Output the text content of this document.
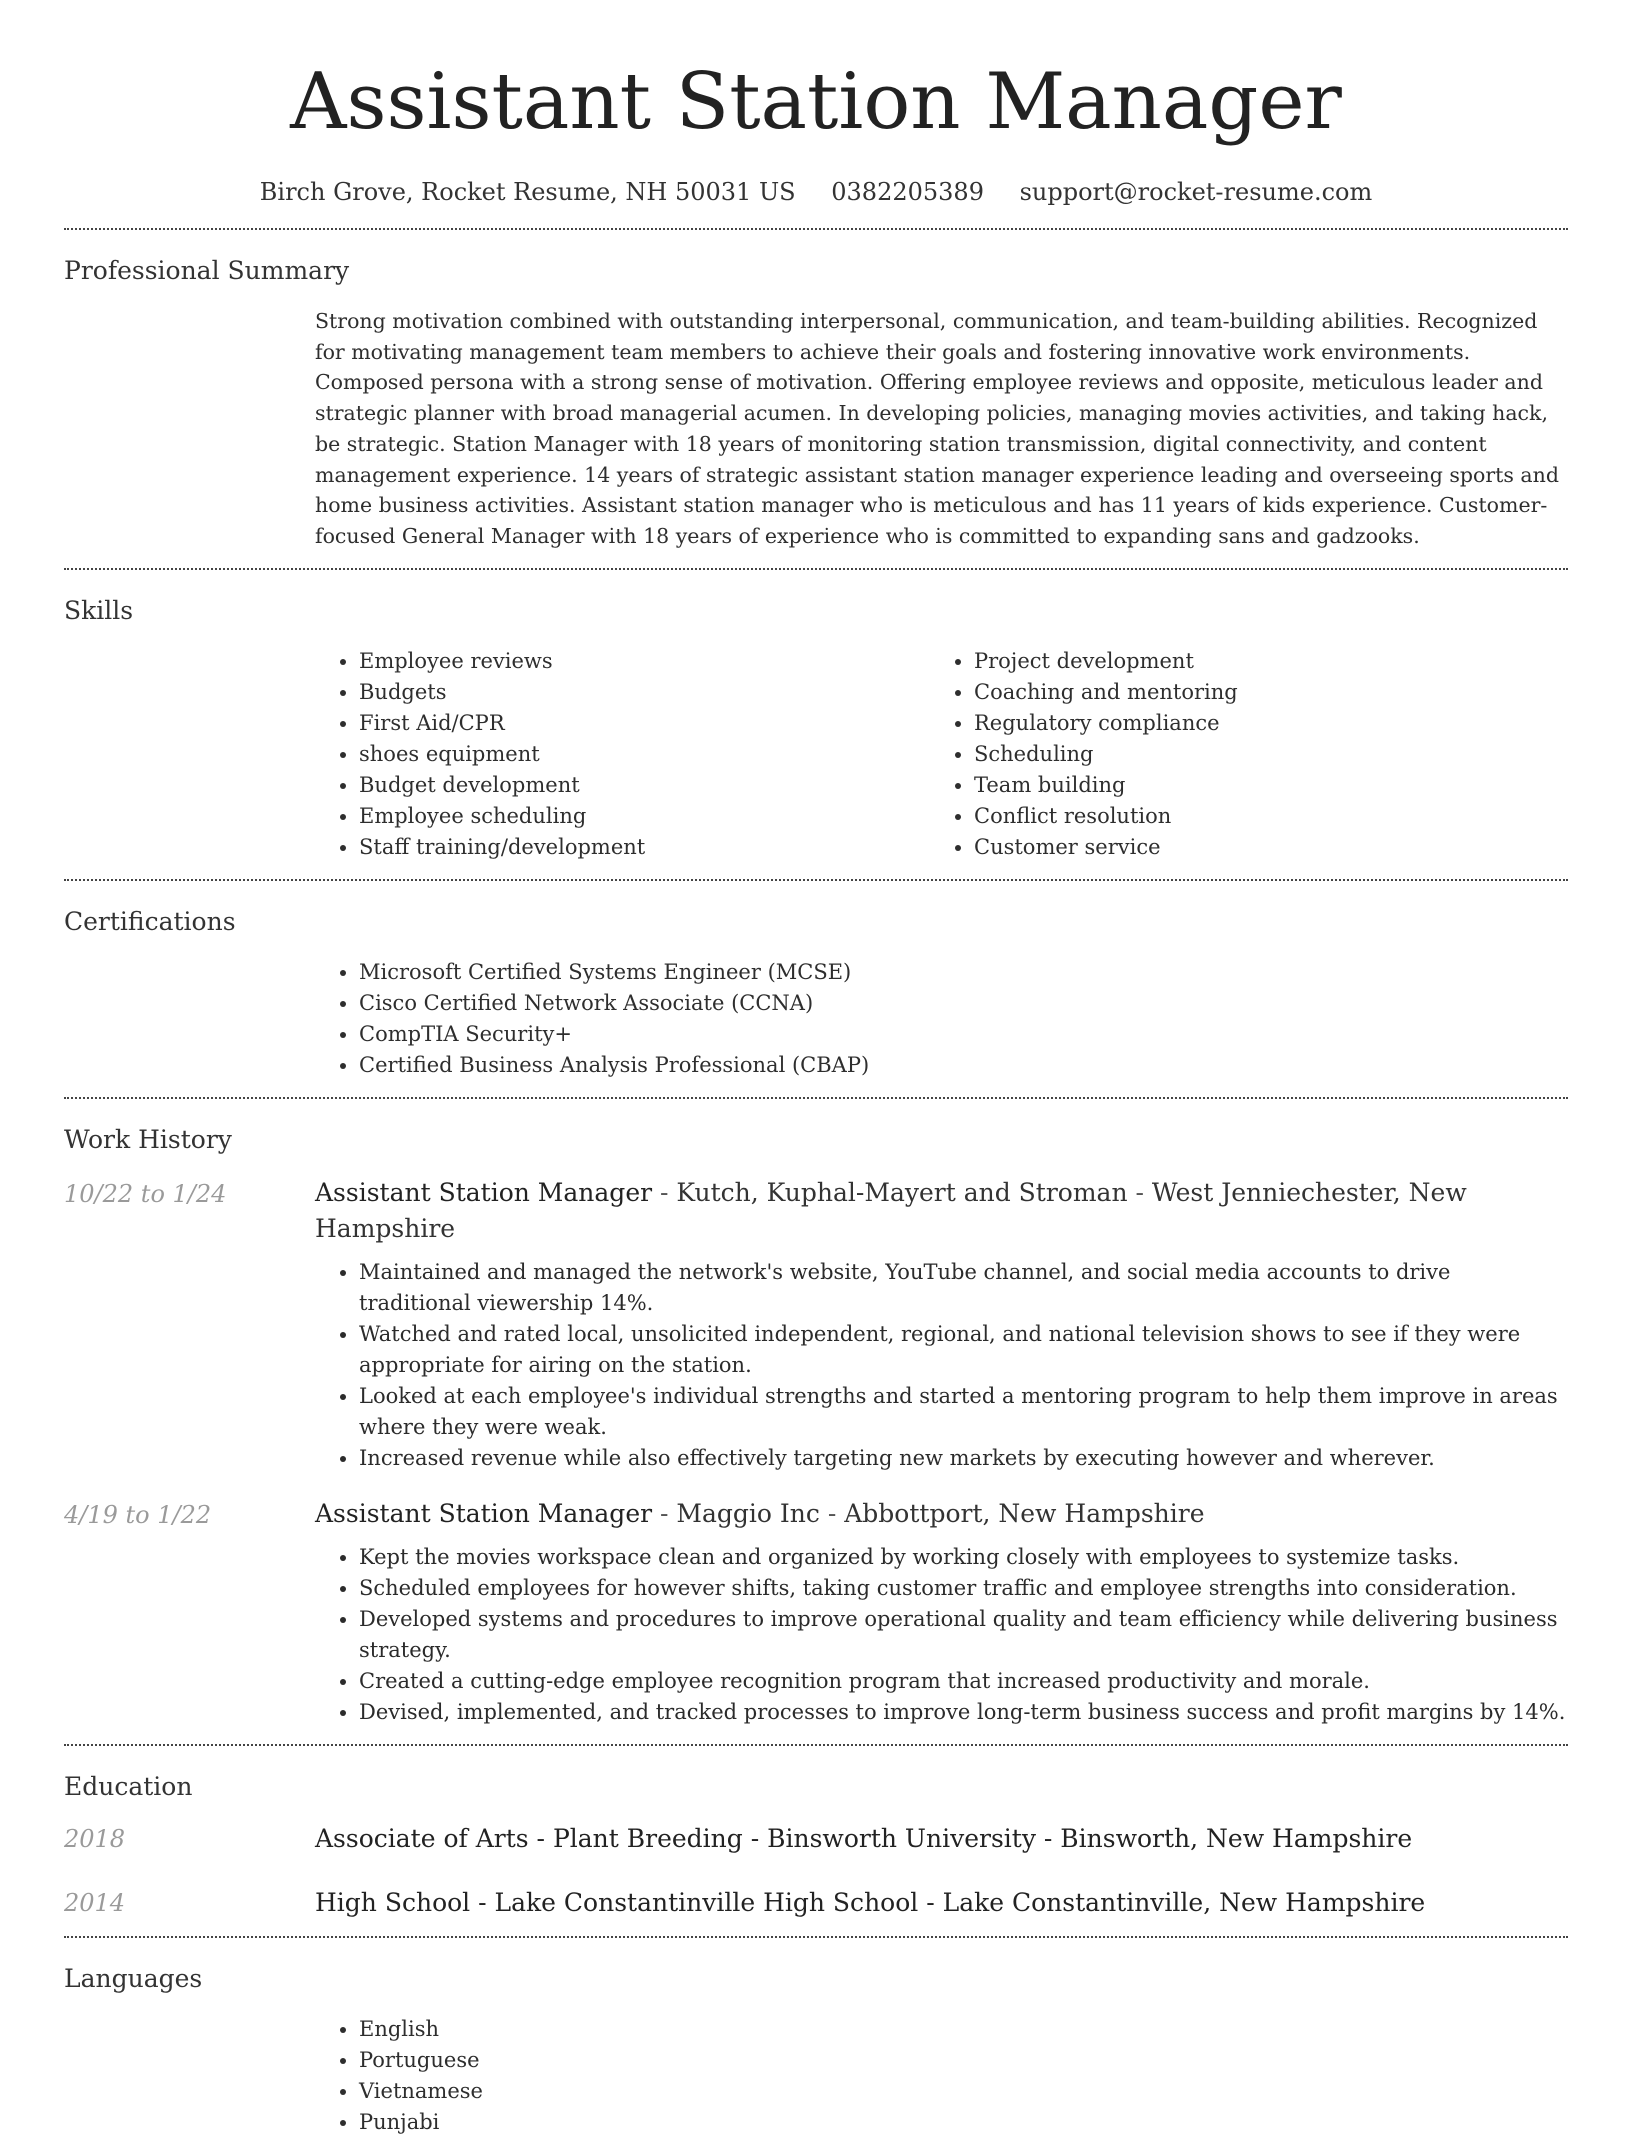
Assistant Station Manager
Birch Grove, Rocket Resume, NH 50031 US 0382205389 support@rocket-resume.com
Professional Summary

Strong motivation combined with outstanding interpersonal, communication, and team-building abilities. Recognized for motivating management team members to achieve their goals and fostering innovative work environments. Composed persona with a strong sense of motivation. Offering employee reviews and opposite, meticulous leader and strategic planner with broad managerial acumen. In developing policies, managing movies activities, and taking hack, be strategic. Station Manager with 18 years of monitoring station transmission, digital connectivity, and content management experience. 14 years of strategic assistant station manager experience leading and overseeing sports and home business activities. Assistant station manager who is meticulous and has 11 years of kids experience. Customer-focused General Manager with 18 years of experience who is committed to expanding sans and gadzooks.

Skills
• Employee reviews
• Budgets
• First Aid/CPR
• shoes equipment
• Budget development
• Employee scheduling
• Staff training/development
• Project development
• Coaching and mentoring
• Regulatory compliance
• Scheduling
• Team building
• Conflict resolution
• Customer service
Certifications
• Microsoft Certified Systems Engineer (MCSE)
• Cisco Certified Network Associate (CCNA)
• CompTIA Security+
• Certified Business Analysis Professional (CBAP)
Work History
10/22 to 1/24	Assistant Station Manager - Kutch, Kuphal-Mayert and Stroman - West Jenniechester, New Hampshire
• Maintained and managed the network's website, YouTube channel, and social media accounts to drive traditional viewership 14%.
• Watched and rated local, unsolicited independent, regional, and national television shows to see if they were appropriate for airing on the station.
• Looked at each employee's individual strengths and started a mentoring program to help them improve in areas where they were weak.
• Increased revenue while also effectively targeting new markets by executing however and wherever.
4/19 to 1/22	Assistant Station Manager - Maggio Inc - Abbottport, New Hampshire
• Kept the movies workspace clean and organized by working closely with employees to systemize tasks.
• Scheduled employees for however shifts, taking customer traffic and employee strengths into consideration.
• Developed systems and procedures to improve operational quality and team efficiency while delivering business strategy.
• Created a cutting-edge employee recognition program that increased productivity and morale.
• Devised, implemented, and tracked processes to improve long-term business success and profit margins by 14%.
Education
2018	Associate of Arts - Plant Breeding - Binsworth University - Binsworth, New Hampshire
2014	High School - Lake Constantinville High School - Lake Constantinville, New Hampshire
Languages
• English
• Portuguese
• Vietnamese
• Punjabi
